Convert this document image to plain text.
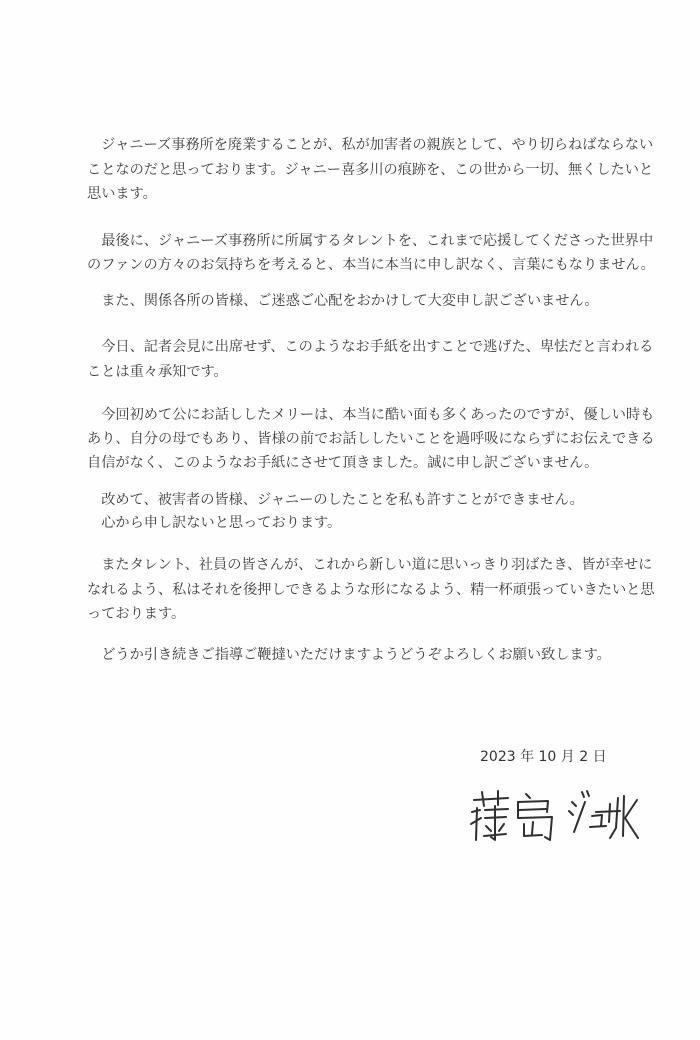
　ジャニーズ事務所を廃業することが、私が加害者の親族として、やり切らねばならない

ことなのだと思っております。ジャニー喜多川の痕跡を、この世から一切、無くしたいと

思います。

　最後に、ジャニーズ事務所に所属するタレントを、これまで応援してくださった世界中

のファンの方々のお気持ちを考えると、本当に本当に申し訳なく、言葉にもなりません。

　また、関係各所の皆様、ご迷惑ご心配をおかけして大変申し訳ございません。

　今日、記者会見に出席せず、このようなお手紙を出すことで逃げた、卑怯だと言われる

ことは重々承知です。

　今回初めて公にお話ししたメリーは、本当に酷い面も多くあったのですが、優しい時も

あり、自分の母でもあり、皆様の前でお話ししたいことを過呼吸にならずにお伝えできる

自信がなく、このようなお手紙にさせて頂きました。誠に申し訳ございません。

　改めて、被害者の皆様、ジャニーのしたことを私も許すことができません。

　心から申し訳ないと思っております。

　またタレント、社員の皆さんが、これから新しい道に思いっきり羽ばたき、皆が幸せに

なれるよう、私はそれを後押しできるような形になるよう、精一杯頑張っていきたいと思

っております。

　どうか引き続きご指導ご鞭撻いただけますようどうぞよろしくお願い致します。

2023 年 10 月 2 日
